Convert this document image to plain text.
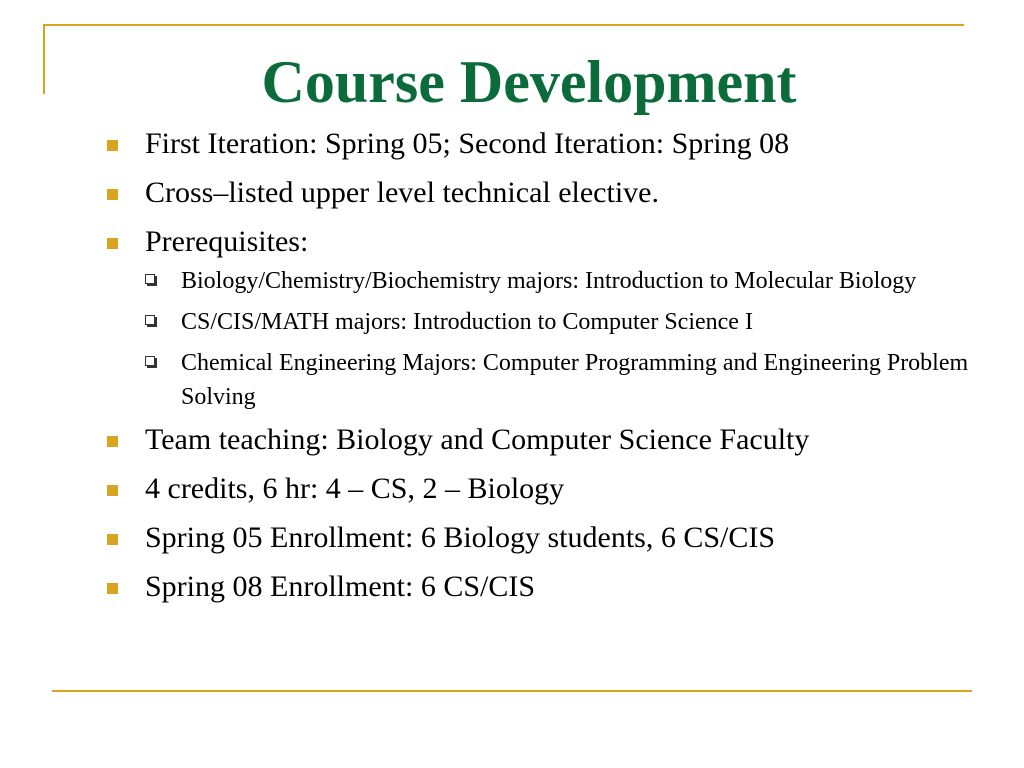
Course Development
First Iteration: Spring 05; Second Iteration: Spring 08
Cross–listed upper level technical elective.
Prerequisites:
Biology/Chemistry/Biochemistry majors: Introduction to Molecular Biology
CS/CIS/MATH majors: Introduction to Computer Science I
Chemical Engineering Majors: Computer Programming and Engineering Problem Solving
Team teaching: Biology and Computer Science Faculty
4 credits, 6 hr: 4 – CS, 2 – Biology
Spring 05 Enrollment: 6 Biology students, 6 CS/CIS
Spring 08 Enrollment: 6 CS/CIS
